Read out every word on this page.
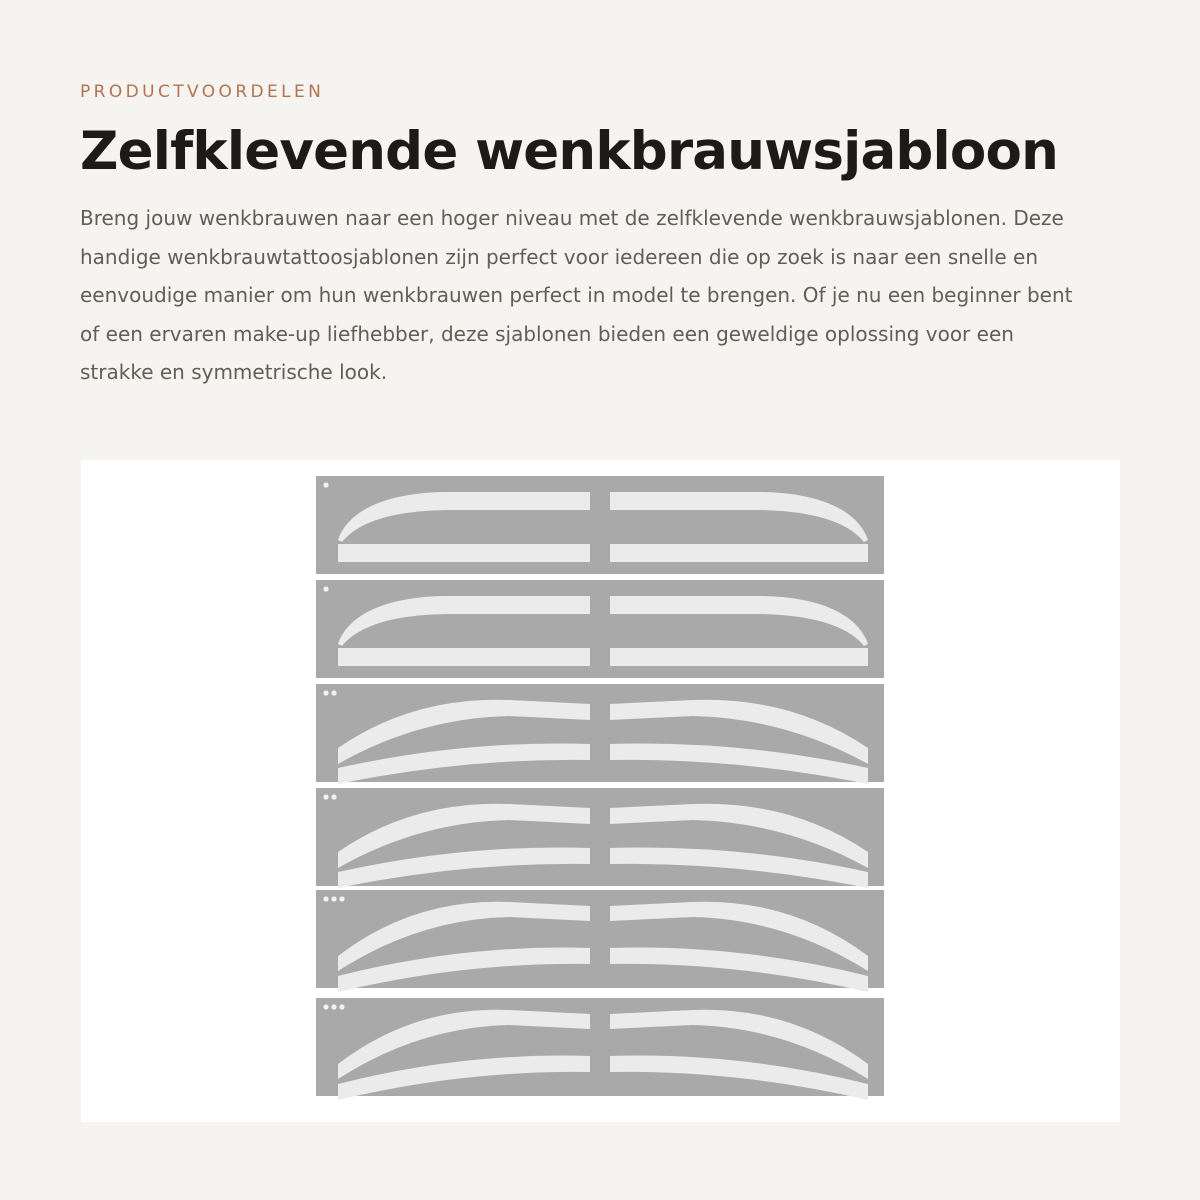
PRODUCTVOORDELEN
Zelfklevende wenkbrauwsjabloon

Breng jouw wenkbrauwen naar een hoger niveau met de zelfklevende wenkbrauwsjablonen. Deze handige wenkbrauwtattoosjablonen zijn perfect voor iedereen die op zoek is naar een snelle en eenvoudige manier om hun wenkbrauwen perfect in model te brengen. Of je nu een beginner bent of een ervaren make-up liefhebber, deze sjablonen bieden een geweldige oplossing voor een strakke en symmetrische look.
